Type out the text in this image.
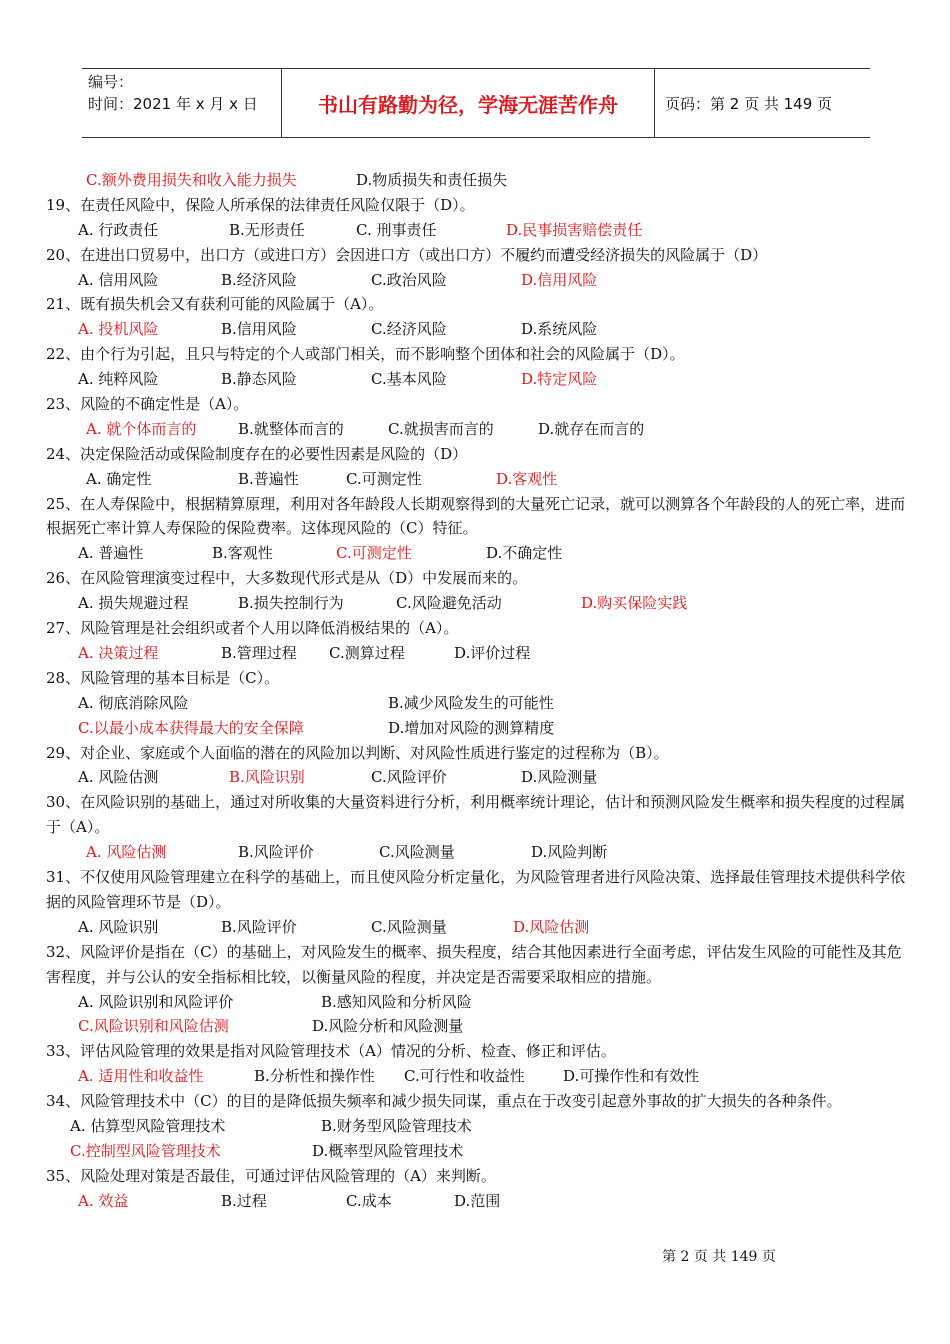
编号：
时间：2021 年 x 月 x 日	书山有路勤为径，学海无涯苦作舟	页码：第 2 页 共 149 页
C.额外费用损失和收入能力损失	D.物质损失和责任损失
19、在责任风险中，保险人所承保的法律责任风险仅限于（D）。
A. 行政责任	B.无形责任	C. 刑事责任	D.民事损害赔偿责任
20、在进出口贸易中，出口方（或进口方）会因进口方（或出口方）不履约而遭受经济损失的风险属于（D）
A. 信用风险	B.经济风险	C.政治风险	D.信用风险
21、既有损失机会又有获利可能的风险属于（A）。
A. 投机风险	B.信用风险	C.经济风险	D.系统风险
22、由个行为引起，且只与特定的个人或部门相关，而不影响整个团体和社会的风险属于（D）。
A. 纯粹风险	B.静态风险	C.基本风险	D.特定风险
23、风险的不确定性是（A）。
A. 就个体而言的	B.就整体而言的	C.就损害而言的	D.就存在而言的
24、决定保险活动或保险制度存在的必要性因素是风险的（D）
A. 确定性	B.普遍性	C.可测定性	D.客观性
25、在人寿保险中，根据精算原理，利用对各年龄段人长期观察得到的大量死亡记录，就可以测算各个年龄段的人的死亡率，进而根据死亡率计算人寿保险的保险费率。这体现风险的（C）特征。
A. 普遍性	B.客观性	C.可测定性	D.不确定性
26、在风险管理演变过程中，大多数现代形式是从（D）中发展而来的。
A. 损失规避过程	B.损失控制行为	C.风险避免活动	D.购买保险实践
27、风险管理是社会组织或者个人用以降低消极结果的（A）。
A. 决策过程	B.管理过程 C.测算过程	D.评价过程
28、风险管理的基本目标是（C）。
A. 彻底消除风险	B.减少风险发生的可能性
C.以最小成本获得最大的安全保障	D.增加对风险的测算精度
29、对企业、家庭或个人面临的潜在的风险加以判断、对风险性质进行鉴定的过程称为（B）。
A. 风险估测	B.风险识别	C.风险评价	D.风险测量
30、在风险识别的基础上，通过对所收集的大量资料进行分析，利用概率统计理论，估计和预测风险发生概率和损失程度的过程属于（A）。
A. 风险估测	B.风险评价	C.风险测量	D.风险判断
31、不仅使用风险管理建立在科学的基础上，而且使风险分析定量化，为风险管理者进行风险决策、选择最佳管理技术提供科学依据的风险管理环节是（D）。
A. 风险识别	B.风险评价	C.风险测量	D.风险估测
32、风险评价是指在（C）的基础上，对风险发生的概率、损失程度，结合其他因素进行全面考虑，评估发生风险的可能性及其危害程度，并与公认的安全指标相比较，以衡量风险的程度，并决定是否需要采取相应的措施。
A. 风险识别和风险评价	B.感知风险和分析风险
C.风险识别和风险估测	D.风险分析和风险测量
33、评估风险管理的效果是指对风险管理技术（A）情况的分析、检查、修正和评估。
A. 适用性和收益性	B.分析性和操作性 C.可行性和收益性	D.可操作性和有效性
34、风险管理技术中（C）的目的是降低损失频率和减少损失同谋，重点在于改变引起意外事故的扩大损失的各种条件。
A. 估算型风险管理技术	B.财务型风险管理技术
C.控制型风险管理技术	D.概率型风险管理技术
35、风险处理对策是否最佳，可通过评估风险管理的（A）来判断。
A. 效益	B.过程	C.成本	D.范围
第 2 页 共 149 页
